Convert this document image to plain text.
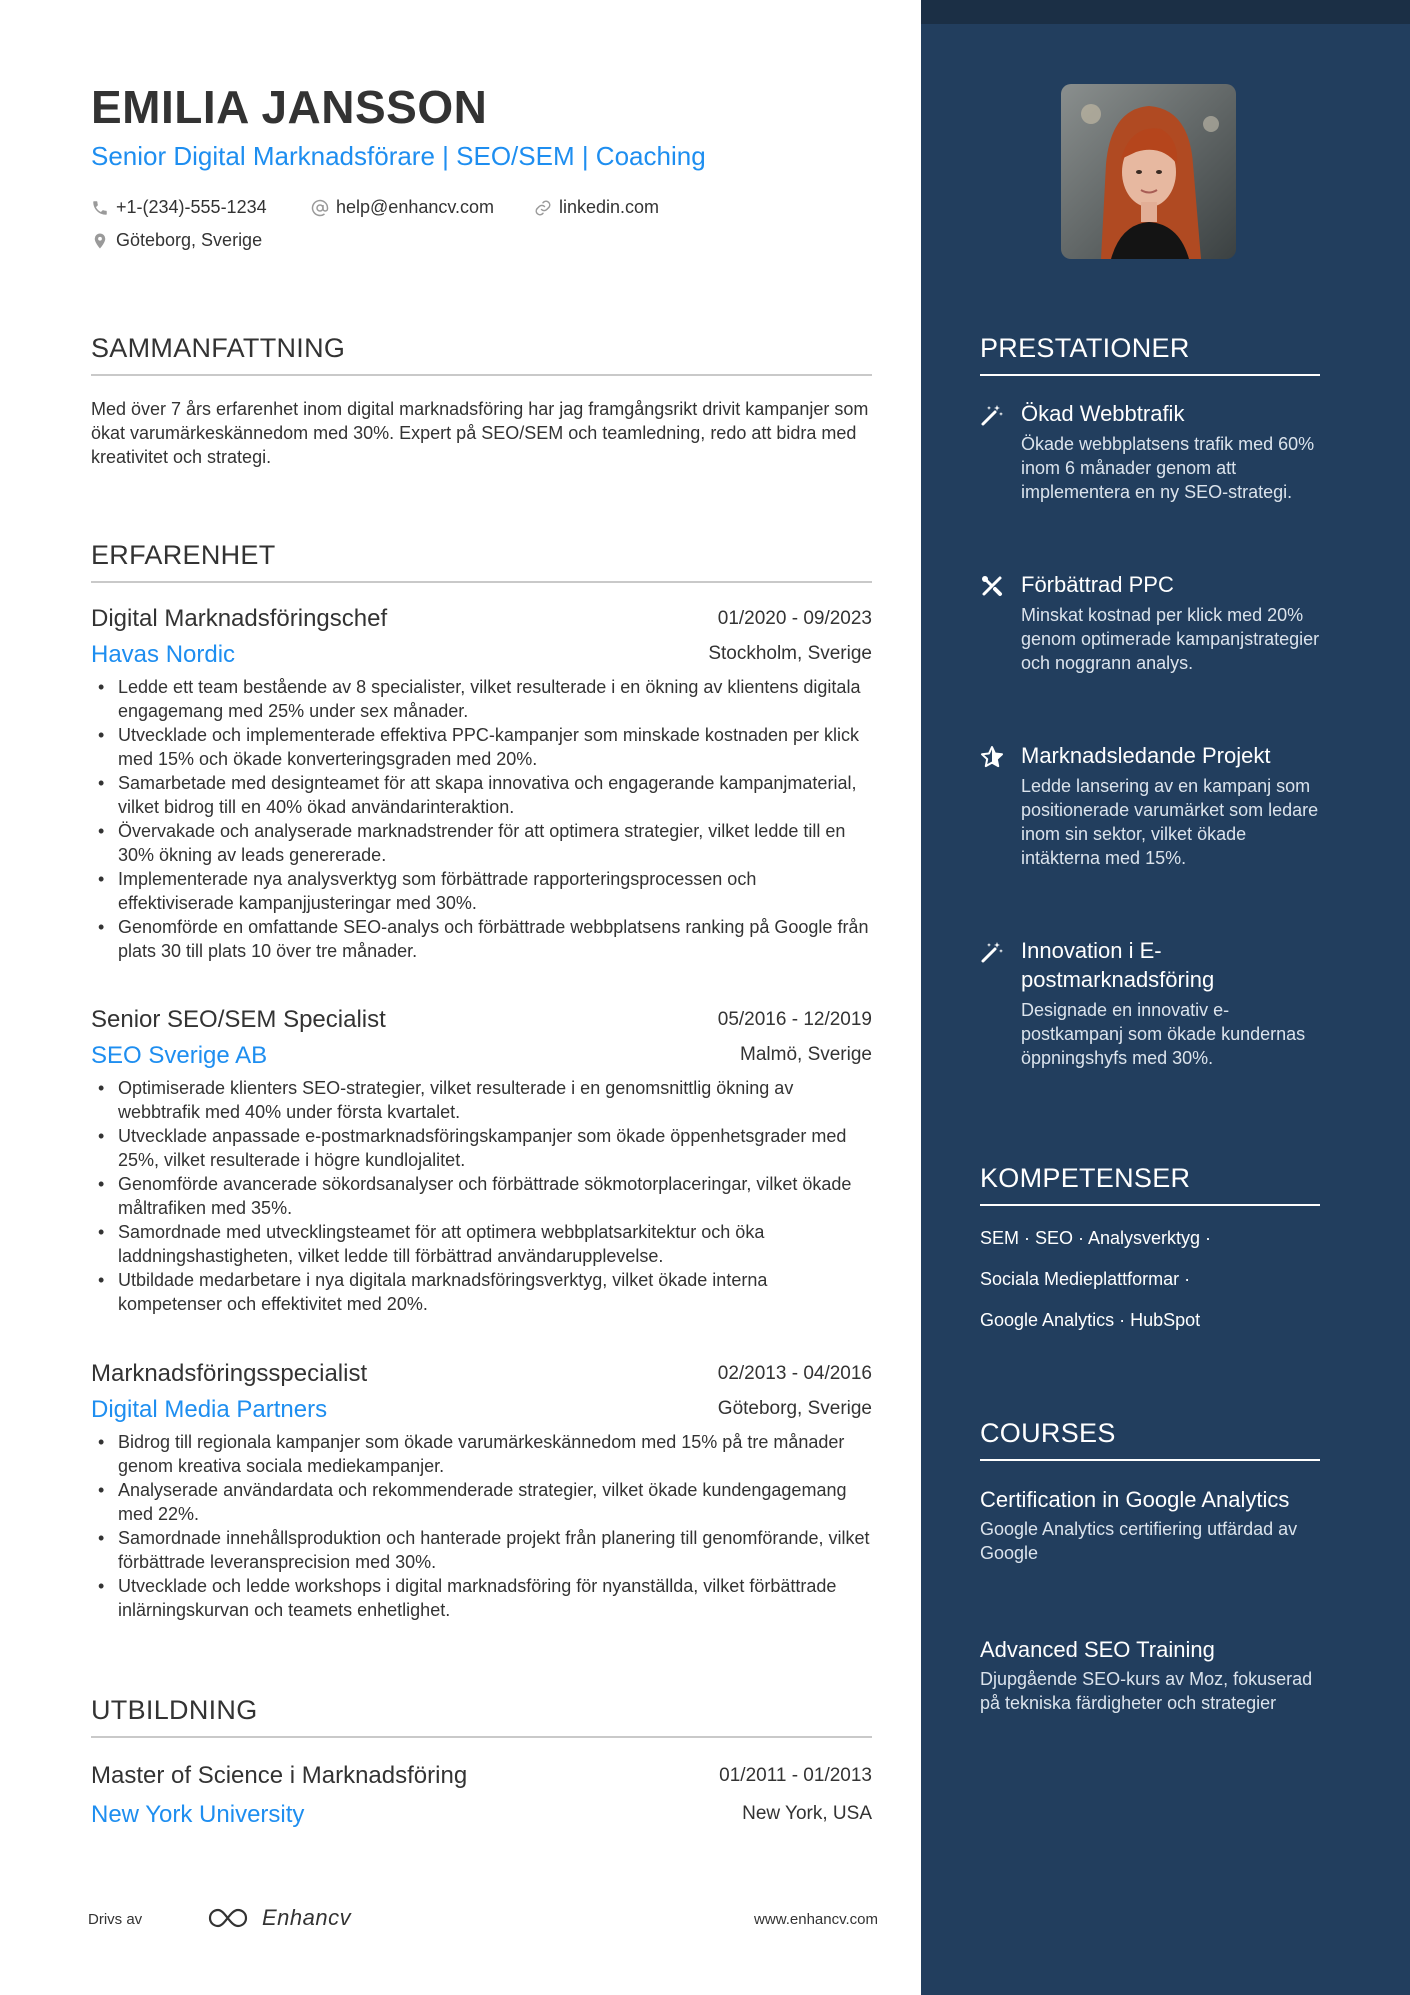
EMILIA JANSSON
Senior Digital Marknadsförare | SEO/SEM | Coaching
+1-(234)-555-1234	help@enhancv.com	linkedin.com
Göteborg, Sverige
SAMMANFATTNING

Med över 7 års erfarenhet inom digital marknadsföring har jag framgångsrikt drivit kampanjer som ökat varumärkeskännedom med 30%. Expert på SEO/SEM och teamledning, redo att bidra med kreativitet och strategi.

ERFARENHET
Digital Marknadsföringschef	01/2020 - 09/2023
Havas Nordic	Stockholm, Sverige
• Ledde ett team bestående av 8 specialister, vilket resulterade i en ökning av klientens digitala engagemang med 25% under sex månader.
• Utvecklade och implementerade effektiva PPC-kampanjer som minskade kostnaden per klick med 15% och ökade konverteringsgraden med 20%.
• Samarbetade med designteamet för att skapa innovativa och engagerande kampanjmaterial, vilket bidrog till en 40% ökad användarinteraktion.
• Övervakade och analyserade marknadstrender för att optimera strategier, vilket ledde till en 30% ökning av leads genererade.
• Implementerade nya analysverktyg som förbättrade rapporteringsprocessen och effektiviserade kampanjjusteringar med 30%.
• Genomförde en omfattande SEO-analys och förbättrade webbplatsens ranking på Google från plats 30 till plats 10 över tre månader.
Senior SEO/SEM Specialist	05/2016 - 12/2019
SEO Sverige AB	Malmö, Sverige
• Optimiserade klienters SEO-strategier, vilket resulterade i en genomsnittlig ökning av webbtrafik med 40% under första kvartalet.
• Utvecklade anpassade e-postmarknadsföringskampanjer som ökade öppenhetsgrader med 25%, vilket resulterade i högre kundlojalitet.
• Genomförde avancerade sökordsanalyser och förbättrade sökmotorplaceringar, vilket ökade måltrafiken med 35%.
• Samordnade med utvecklingsteamet för att optimera webbplatsarkitektur och öka laddningshastigheten, vilket ledde till förbättrad användarupplevelse.
• Utbildade medarbetare i nya digitala marknadsföringsverktyg, vilket ökade interna kompetenser och effektivitet med 20%.
Marknadsföringsspecialist	02/2013 - 04/2016
Digital Media Partners	Göteborg, Sverige
• Bidrog till regionala kampanjer som ökade varumärkeskännedom med 15% på tre månader genom kreativa sociala mediekampanjer.
• Analyserade användardata och rekommenderade strategier, vilket ökade kundengagemang med 22%.
• Samordnade innehållsproduktion och hanterade projekt från planering till genomförande, vilket förbättrade leveransprecision med 30%.
• Utvecklade och ledde workshops i digital marknadsföring för nyanställda, vilket förbättrade inlärningskurvan och teamets enhetlighet.
UTBILDNING
Master of Science i Marknadsföring	01/2011 - 01/2013
New York University	New York, USA
Drivs av	Enhancv	www.enhancv.com
PRESTATIONER
Ökad Webbtrafik
Ökade webbplatsens trafik med 60% inom 6 månader genom att implementera en ny SEO-strategi.
Förbättrad PPC
Minskat kostnad per klick med 20% genom optimerade kampanjstrategier och noggrann analys.
Marknadsledande Projekt
Ledde lansering av en kampanj som positionerade varumärket som ledare inom sin sektor, vilket ökade intäkterna med 15%.
Innovation i E-postmarknadsföring
Designade en innovativ e-postkampanj som ökade kundernas öppningshyfs med 30%.
KOMPETENSER
SEM · SEO · Analysverktyg ·
Sociala Medieplattformar ·
Google Analytics · HubSpot
COURSES
Certification in Google Analytics
Google Analytics certifiering utfärdad av Google
Advanced SEO Training
Djupgående SEO-kurs av Moz, fokuserad på tekniska färdigheter och strategier
